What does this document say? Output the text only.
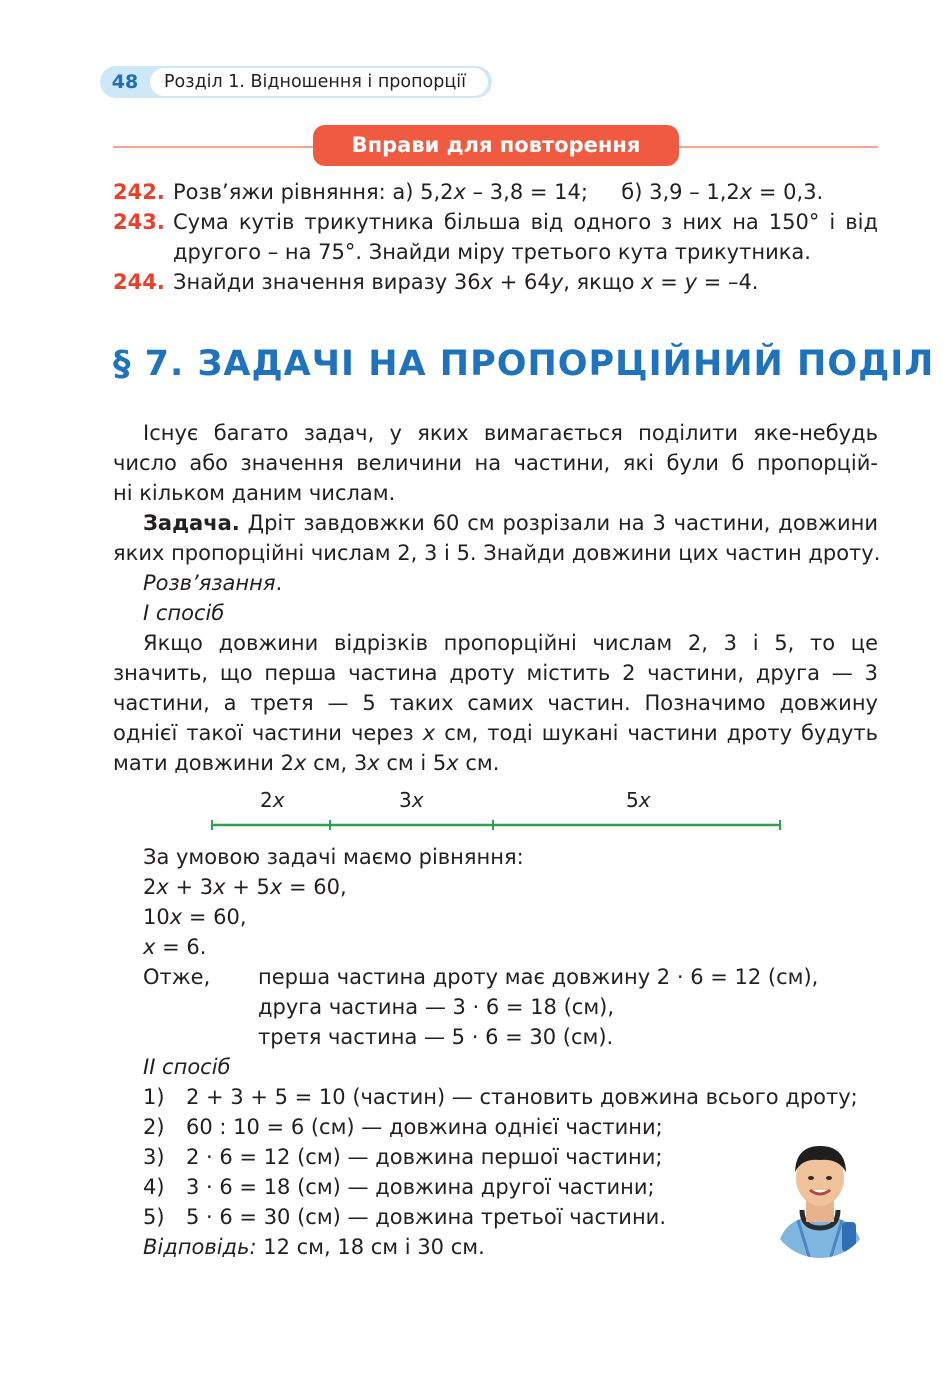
48	Розділ 1. Відношення і пропорції
Вправи для повторення
242. Розв’яжи рівняння: а) 5,2x – 3,8 = 14;     б) 3,9 – 1,2x = 0,3.
243. Сума кутів трикутника більша від одного з них на 150° і від
другого – на 75°. Знайди міру третього кута трикутника.
244. Знайди значення виразу 36x + 64y, якщо x = y = –4.
§ 7. ЗАДАЧІ НА ПРОПОРЦІЙНИЙ ПОДІЛ
Існує багато задач, у яких вимагається поділити яке-небудь
число або значення величини на частини, які були б пропорцій-
ні кільком даним числам.
Задача. Дріт завдовжки 60 см розрізали на 3 частини, довжини
яких пропорційні числам 2, 3 і 5. Знайди довжини цих частин дроту.
Розв’язання.
І спосіб
Якщо довжини відрізків пропорційні числам 2, 3 і 5, то це
значить, що перша частина дроту містить 2 частини, друга — 3
частини, а третя — 5 таких самих частин. Позначимо довжину
однієї такої частини через x см, тоді шукані частини дроту будуть
мати довжини 2x см, 3x см і 5x см.
2x	3x	5x
За умовою задачі маємо рівняння:
2x + 3x + 5x = 60,
10x = 60,
x = 6.
Отже, перша частина дроту має довжину 2 · 6 = 12 (см),
друга частина — 3 · 6 = 18 (см),
третя частина — 5 · 6 = 30 (см).
ІІ спосіб
1) 2 + 3 + 5 = 10 (частин) — становить довжина всього дроту;
2) 60 : 10 = 6 (см) — довжина однієї частини;
3) 2 · 6 = 12 (см) — довжина першої частини;
4) 3 · 6 = 18 (см) — довжина другої частини;
5) 5 · 6 = 30 (см) — довжина третьої частини.
Відповідь: 12 см, 18 см і 30 см.
